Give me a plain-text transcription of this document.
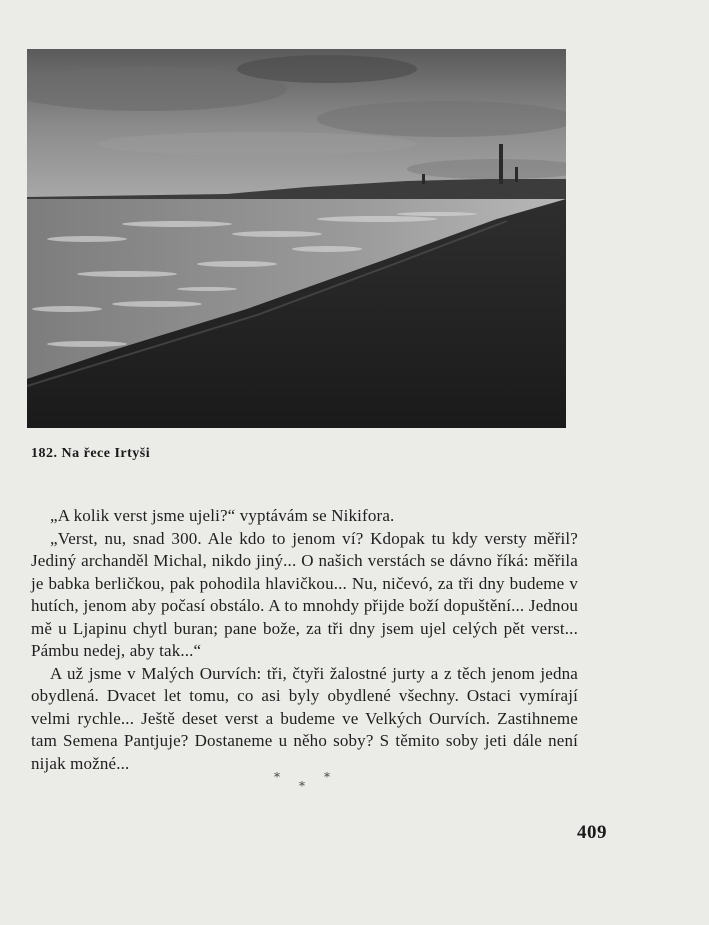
182. Na řece Irtyši

„A kolik verst jsme ujeli?“ vyptávám se Nikifora.

„Verst, nu, snad 300. Ale kdo to jenom ví? Kdopak tu kdy versty měřil? Jediný archanděl Michal, nikdo jiný... O našich verstách se dávno říká: měřila je babka berličkou, pak pohodila hlavičkou... Nu, ničevó, za tři dny budeme v hutích, jenom aby počasí obstálo. A to mnohdy přijde boží dopuštění... Jednou mě u Ljapinu chytl buran; pane bože, za tři dny jsem ujel celých pět verst... Pámbu nedej, aby tak...“

A už jsme v Malých Ourvích: tři, čtyři žalostné jurty a z těch jenom jedna obydlená. Dvacet let tomu, co asi byly obydlené všechny. Ostaci vymírají velmi rychle... Ještě deset verst a budeme ve Velkých Ourvích. Zastihneme tam Semena Pantjuje? Dostaneme u něho soby? S těmito soby jeti dále není nijak možné...

*
*
*
409
